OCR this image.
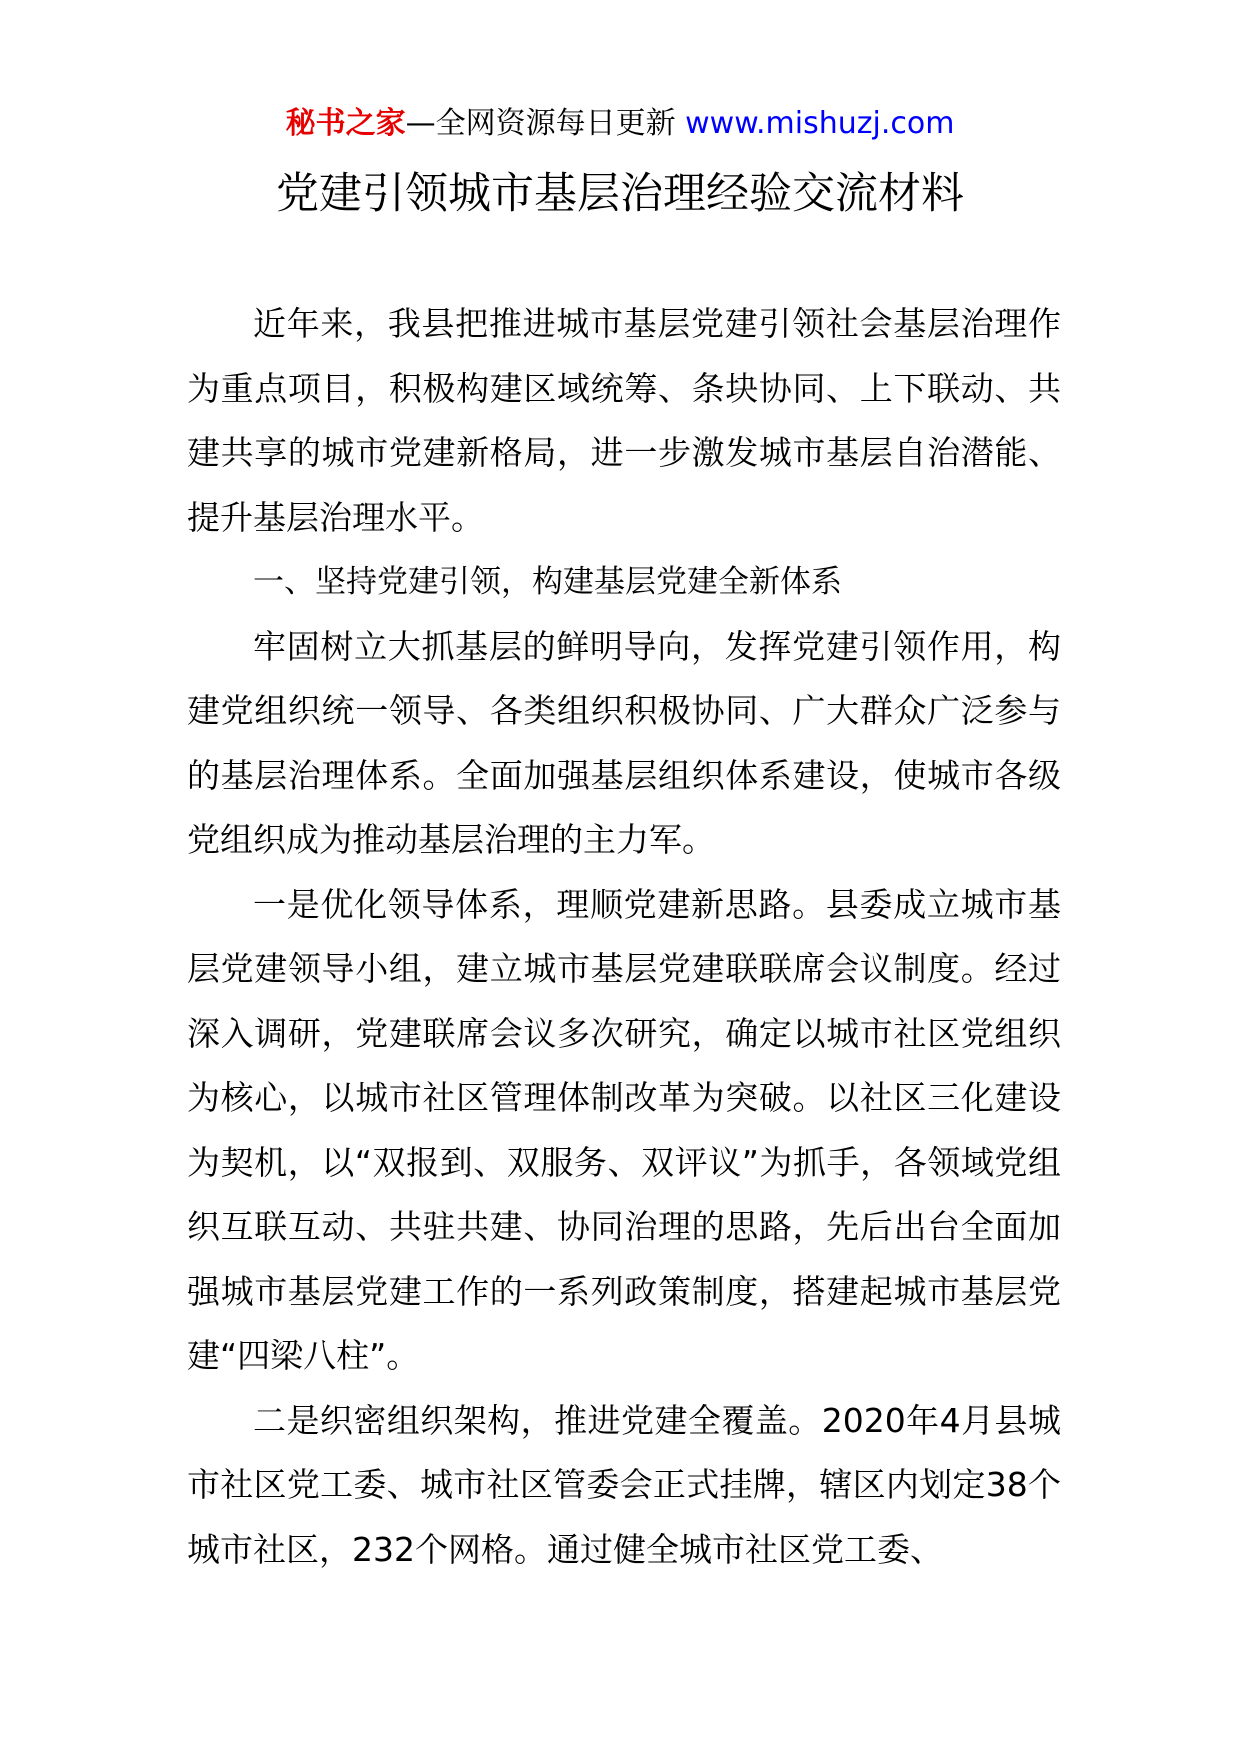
秘书之家—全网资源每日更新 www.mishuzj.com
党建引领城市基层治理经验交流材料

近年来，我县把推进城市基层党建引领社会基层治理作为重点项目，积极构建区域统筹、条块协同、上下联动、共建共享的城市党建新格局，进一步激发城市基层自治潜能、提升基层治理水平。

一、坚持党建引领，构建基层党建全新体系

牢固树立大抓基层的鲜明导向，发挥党建引领作用，构建党组织统一领导、各类组织积极协同、广大群众广泛参与的基层治理体系。全面加强基层组织体系建设，使城市各级党组织成为推动基层治理的主力军。

一是优化领导体系，理顺党建新思路。县委成立城市基层党建领导小组，建立城市基层党建联联席会议制度。经过深入调研，党建联席会议多次研究，确定以城市社区党组织为核心，以城市社区管理体制改革为突破。以社区三化建设为契机，以“双报到、双服务、双评议”为抓手，各领域党组织互联互动、共驻共建、协同治理的思路，先后出台全面加强城市基层党建工作的一系列政策制度，搭建起城市基层党建“四梁八柱”。

二是织密组织架构，推进党建全覆盖。2020年4月县城市社区党工委、城市社区管委会正式挂牌，辖区内划定38个城市社区，232个网格。通过健全城市社区党工委、
